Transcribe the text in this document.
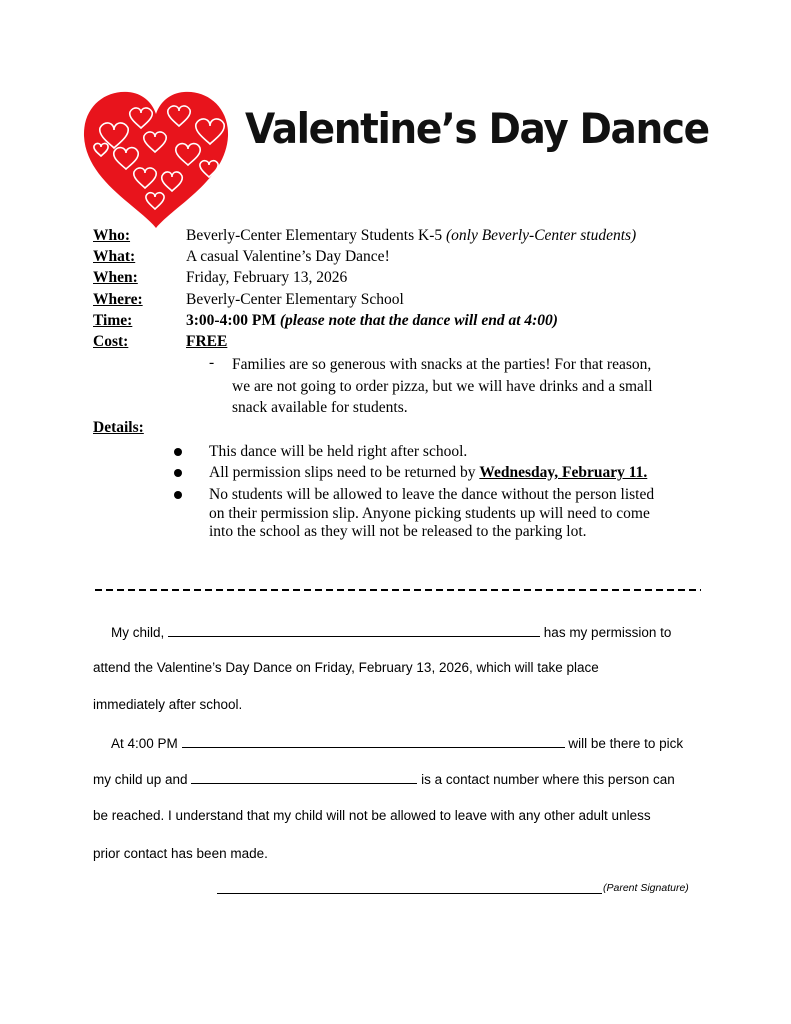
Valentine’s Day Dance
Who:	Beverly-Center Elementary Students K-5 (only Beverly-Center students)
What:	A casual Valentine’s Day Dance!
When:	Friday, February 13, 2026
Where:	Beverly-Center Elementary School
Time:	3:00-4:00 PM (please note that the dance will end at 4:00)
Cost:	FREE
- Families are so generous with snacks at the parties! For that reason,
we are not going to order pizza, but we will have drinks and a small
snack available for students.
Details:
This dance will be held right after school.
All permission slips need to be returned by Wednesday, February 11.
No students will be allowed to leave the dance without the person listed
on their permission slip. Anyone picking students up will need to come
into the school as they will not be released to the parking lot.
My child,	has my permission to
attend the Valentine’s Day Dance on Friday, February 13, 2026, which will take place
immediately after school.
At 4:00 PM	will be there to pick
my child up and	is a contact number where this person can
be reached. I understand that my child will not be allowed to leave with any other adult unless
prior contact has been made.
(Parent Signature)
